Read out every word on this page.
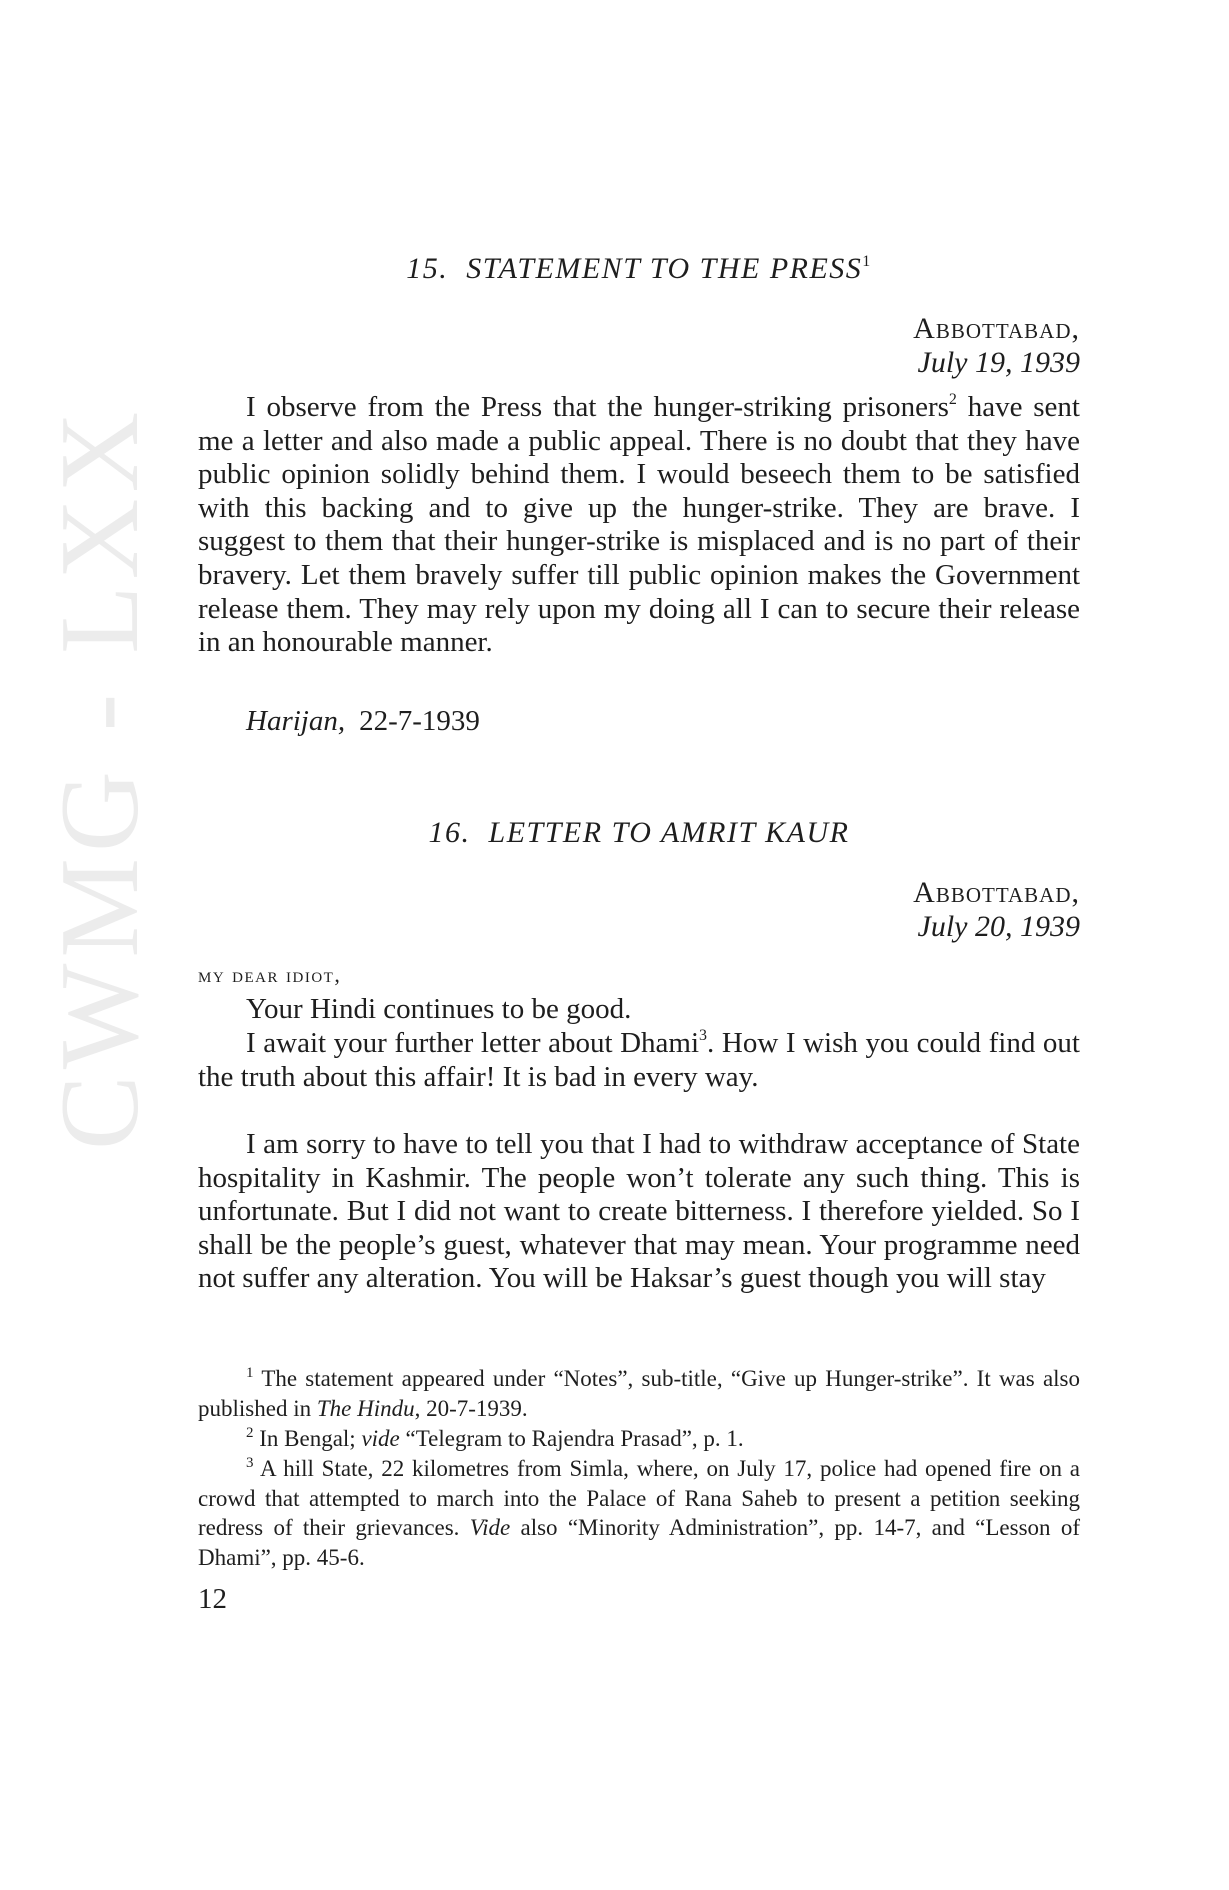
CWMG - LXX
15. STATEMENT TO THE PRESS$^1$
Abbottabad,
July 19, 1939

I observe from the Press that the hunger-striking prisoners$^2$ have sent me a letter and also made a public appeal. There is no doubt that they have public opinion solidly behind them. I would beseech them to be satisfied with this backing and to give up the hunger-strike. They are brave. I suggest to them that their hunger-strike is misplaced and is no part of their bravery. Let them bravely suffer till public opinion makes the Government release them. They may rely upon my doing all I can to secure their release in an honourable manner.

Harijan, 22-7-1939
16. LETTER TO AMRIT KAUR
Abbottabad,
July 20, 1939
my dear idiot,

Your Hindi continues to be good.

I await your further letter about Dhami$^3$. How I wish you could find out the truth about this affair! It is bad in every way.

I am sorry to have to tell you that I had to withdraw acceptance of State hospitality in Kashmir. The people won’t tolerate any such thing. This is unfortunate. But I did not want to create bitterness. I therefore yielded. So I shall be the people’s guest, whatever that may mean. Your programme need not suffer any alteration. You will be Haksar’s guest though you will stay

$^1$ The statement appeared under “Notes”, sub-title, “Give up Hunger-strike”. It was also published in The Hindu, 20-7-1939.

$^2$ In Bengal; vide “Telegram to Rajendra Prasad”, p. 1.

$^3$ A hill State, 22 kilometres from Simla, where, on July 17, police had opened fire on a crowd that attempted to march into the Palace of Rana Saheb to present a petition seeking redress of their grievances. Vide also “Minority Administration”, pp. 14-7, and “Lesson of Dhami”, pp. 45-6.

12
